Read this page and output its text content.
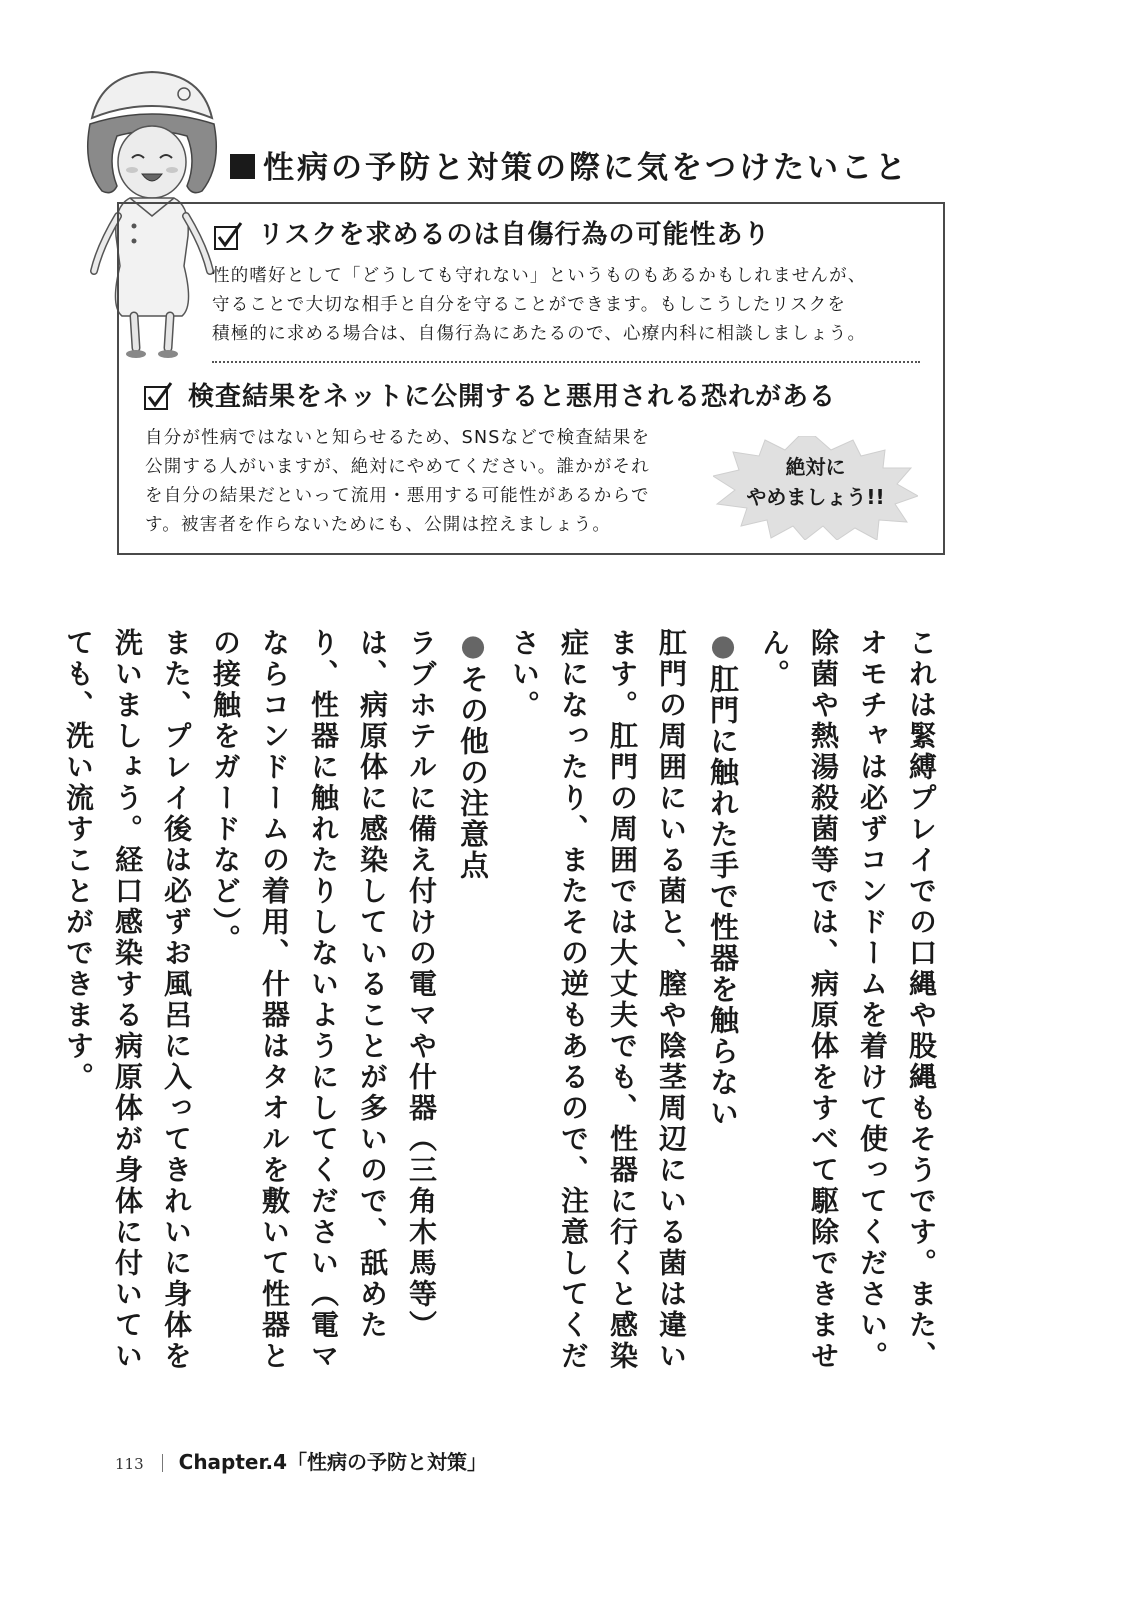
性病の予防と対策の際に気をつけたいこと
リスクを求めるのは自傷行為の可能性あり

性的嗜好として「どうしても守れない」というものもあるかもしれませんが、
守ることで大切な相手と自分を守ることができます。もしこうしたリスクを
積極的に求める場合は、自傷行為にあたるので、心療内科に相談しましょう。

検査結果をネットに公開すると悪用される恐れがある

自分が性病ではないと知らせるため、SNSなどで検査結果を
公開する人がいますが、絶対にやめてください。誰かがそれ
を自分の結果だといって流用・悪用する可能性があるからで
す。被害者を作らないためにも、公開は控えましょう。

絶対に
やめましょう!!
これは緊縛プレイでの口縄や股縄もそうです。また、オモチャは必ずコンドームを着けて使ってください。除菌や熱湯殺菌等では、病原体をすべて駆除できません。
●肛門に触れた手で性器を触らない
肛門の周囲にいる菌と、膣や陰茎周辺にいる菌は違います。肛門の周囲では大丈夫でも、性器に行くと感染症になったり、またその逆もあるので、注意してください。
●その他の注意点
ラブホテルに備え付けの電マや什器（三角木馬等）は、病原体に感染していることが多いので、舐めたり、性器に触れたりしないようにしてください（電マならコンドームの着用、什器はタオルを敷いて性器との接触をガードなど）。
また、プレイ後は必ずお風呂に入ってきれいに身体を洗いましょう。経口感染する病原体が身体に付いていても、洗い流すことができます。
113 Chapter.4「性病の予防と対策」
